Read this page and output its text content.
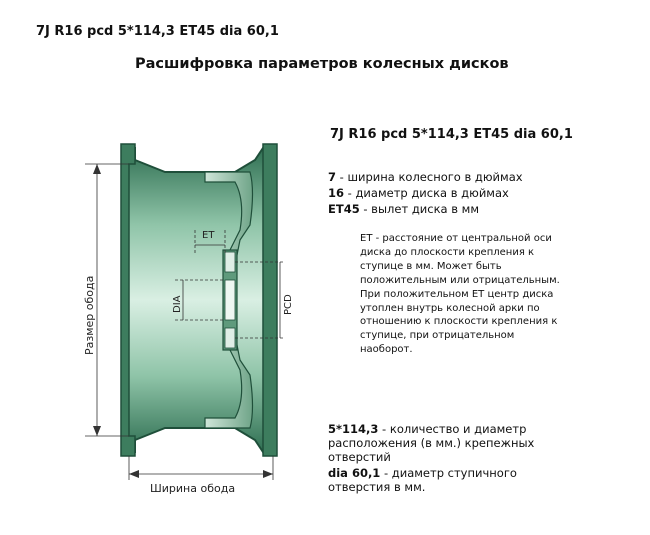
7J R16 pcd 5*114,3 ET45 dia 60,1
Расшифровка параметров колесных дисков
ET
DIA	PCD
Размер обода
Ширина обода
7J R16 pcd 5*114,3 ET45 dia 60,1
7 - ширина колесного в дюймах
16 - диаметр диска в дюймах
ET45 - вылет диска в мм
ET - расстояние от центральной оси диска до плоскости крепления к ступице в мм. Может быть положительным или отрицательным. При положительном ET центр диска утоплен внутрь колесной арки по отношению к плоскости крепления к ступице, при отрицательном наоборот.
5*114,3 - количество и диаметр расположения (в мм.) крепежных отверстий
dia 60,1 - диаметр ступичного отверстия в мм.
